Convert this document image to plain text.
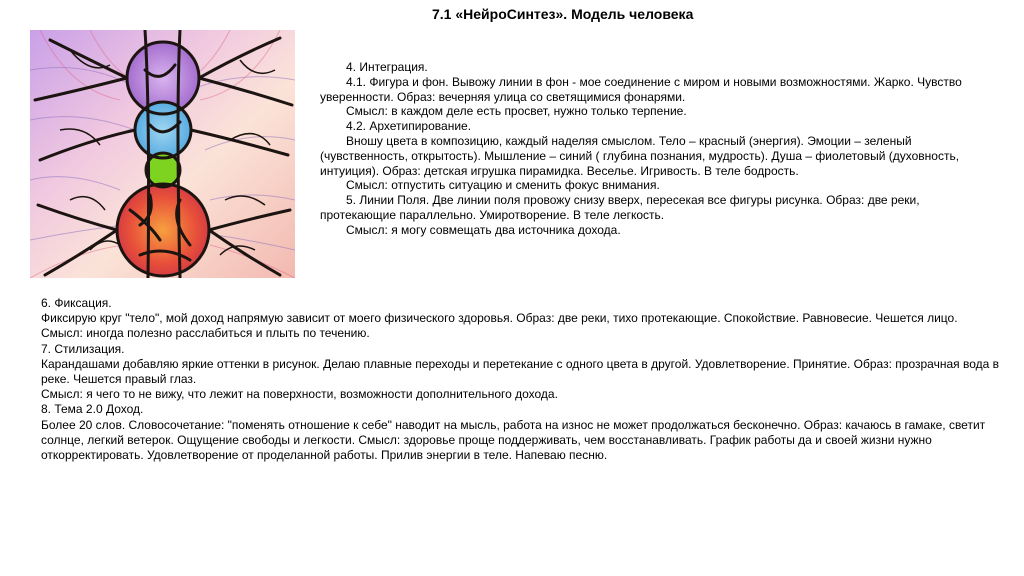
7.1 «НейроСинтез». Модель человека

4. Интеграция.

4.1. Фигура и фон. Вывожу линии в фон - мое соединение с миром и новыми возможностями. Жарко. Чувство уверенности. Образ: вечерняя улица со светящимися фонарями.

Смысл: в каждом деле есть просвет, нужно только терпение.

4.2. Архетипирование.

Вношу цвета в композицию, каждый наделяя смыслом. Тело – красный (энергия). Эмоции – зеленый (чувственность, открытость). Мышление – синий ( глубина познания, мудрость). Душа – фиолетовый (духовность, интуиция). Образ: детская игрушка пирамидка. Веселье. Игривость. В теле бодрость.

Смысл: отпустить ситуацию и сменить фокус внимания.

5. Линии Поля. Две линии поля провожу снизу вверх, пересекая все фигуры рисунка. Образ: две реки, протекающие параллельно. Умиротворение. В теле легкость.

Смысл: я могу совмещать два источника дохода.

6. Фиксация.

Фиксирую круг "тело", мой доход напрямую зависит от моего физического здоровья. Образ: две реки, тихо протекающие. Спокойствие. Равновесие. Чешется лицо. Смысл: иногда полезно расслабиться и плыть по течению.

7. Стилизация.

Карандашами добавляю яркие оттенки в рисунок. Делаю плавные переходы и перетекание с одного цвета в другой. Удовлетворение. Принятие. Образ: прозрачная вода в реке. Чешется правый глаз.

Смысл: я чего то не вижу, что лежит на поверхности, возможности дополнительного дохода.

8. Тема 2.0 Доход.

Более 20 слов. Словосочетание: "поменять отношение к себе" наводит на мысль, работа на износ не может продолжаться бесконечно. Образ: качаюсь в гамаке, светит солнце, легкий ветерок. Ощущение свободы и легкости. Смысл: здоровье проще поддерживать, чем восстанавливать. График работы да и своей жизни нужно откорректировать. Удовлетворение от проделанной работы. Прилив энергии в теле. Напеваю песню.
